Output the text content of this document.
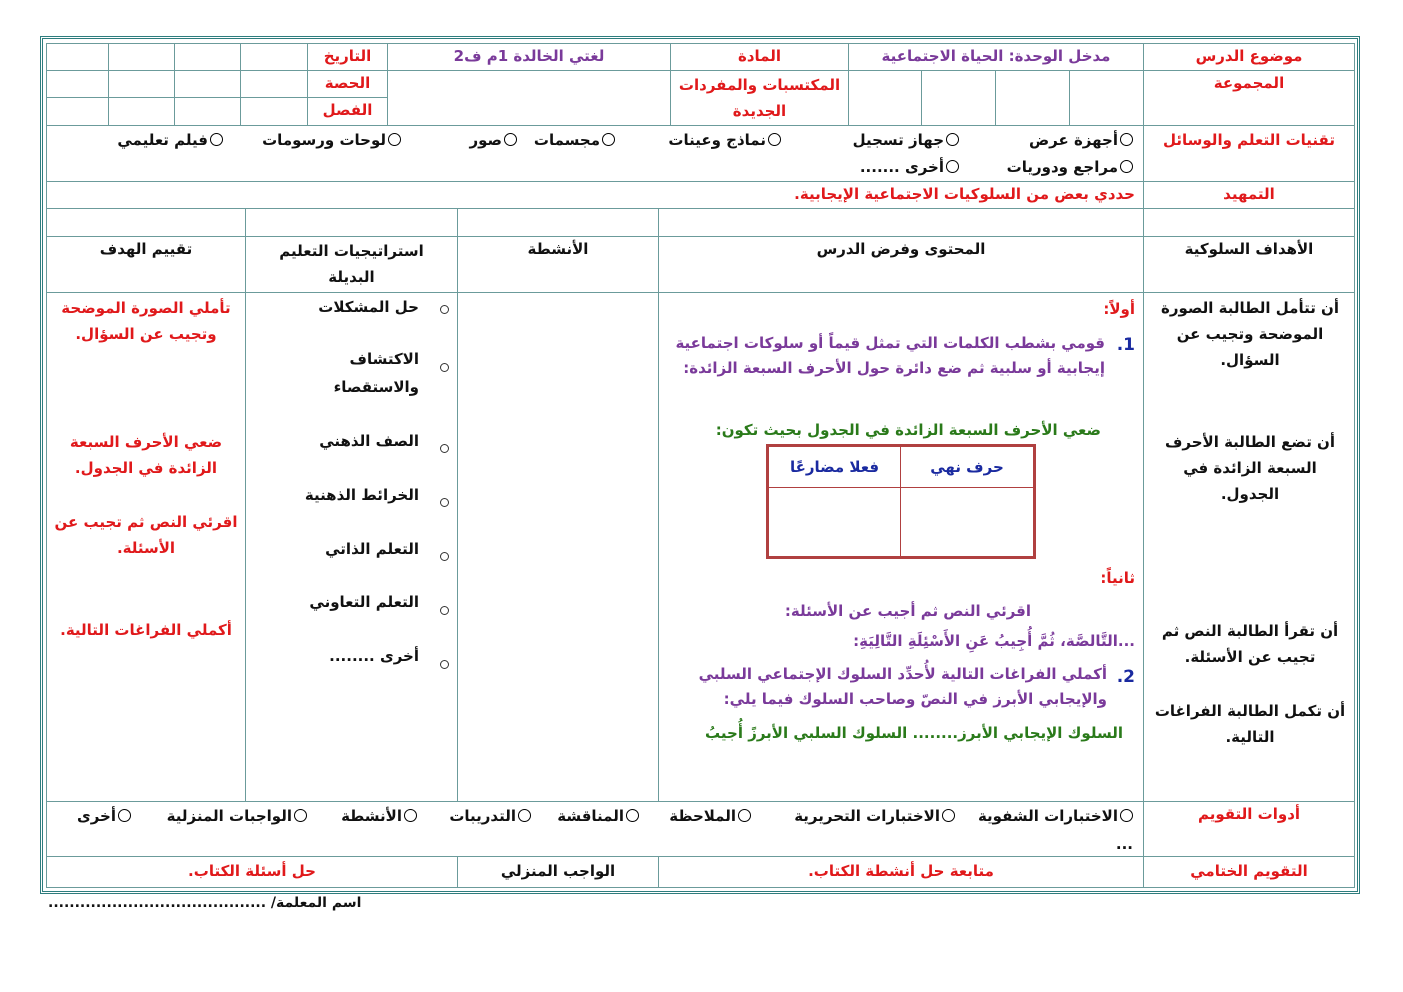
موضوع الدرس
مدخل الوحدة: الحياة الاجتماعية
المادة
لغتي الخالدة 1م ف2
التاريخ
المجموعة
المكتسبات والمفردات الجديدة
الحصة
الفصل
تقنيات التعلم والوسائل
أجهزة عرض
جهاز تسجيل
نماذج وعينات
مجسمات
صور
لوحات ورسومات
فيلم تعليمي
مراجع ودوريات
أخرى .......
التمهيد
حددي بعض من السلوكيات الاجتماعية الإيجابية.
الأهداف السلوكية
المحتوى وفرض الدرس
الأنشطة
استراتيجيات التعليم البديلة
تقييم الهدف
أن تتأمل الطالبة الصورة الموضحة وتجيب عن السؤال.
أن تضع الطالبة الأحرف السبعة الزائدة في الجدول.
أن تقرأ الطالبة النص ثم تجيب عن الأسئلة.
أن تكمل الطالبة الفراغات التالية.
أولاً:
1.
قومي بشطب الكلمات التي تمثل قيماً أو سلوكات اجتماعية إيجابية أو سلبية ثم ضع دائرة حول الأحرف السبعة الزائدة:
ضعي الأحرف السبعة الزائدة في الجدول بحيث تكون:
ثانياً:
اقرئي النص ثم أجيب عن الأسئلة:
...التَّالصَّة، ثُمَّ أُجِيبُ عَنِ الأَسْئِلَةِ التَّالِيَةِ:
2.
أكملي الفراغات التالية لأُحدِّد السلوك الإجتماعي السلبي والإيجابي الأبرز في النصّ وصاحب السلوك فيما يلي:
السلوك الإيجابي الأبرز........ السلوك السلبي الأبرزً أُجيبُ
حرف نهي
فعلا مضارعًا
حل المشكلات
الاكتشاف والاستقصاء
الصف الذهني
الخرائط الذهنية
التعلم الذاتي
التعلم التعاوني
أخرى ........
تأملي الصورة الموضحة وتجيب عن السؤال.
ضعي الأحرف السبعة الزائدة في الجدول.
اقرئي النص ثم تجيب عن الأسئلة.
أكملي الفراغات التالية.
أدوات التقويم
الاختبارات الشفوية
الاختبارات التحريرية
الملاحظة
المناقشة
التدريبات
الأنشطة
الواجبات المنزلية
أخرى
...
التقويم الختامي
متابعة حل أنشطة الكتاب.
الواجب المنزلي
حل أسئلة الكتاب.
اسم المعلمة/ .........................................
